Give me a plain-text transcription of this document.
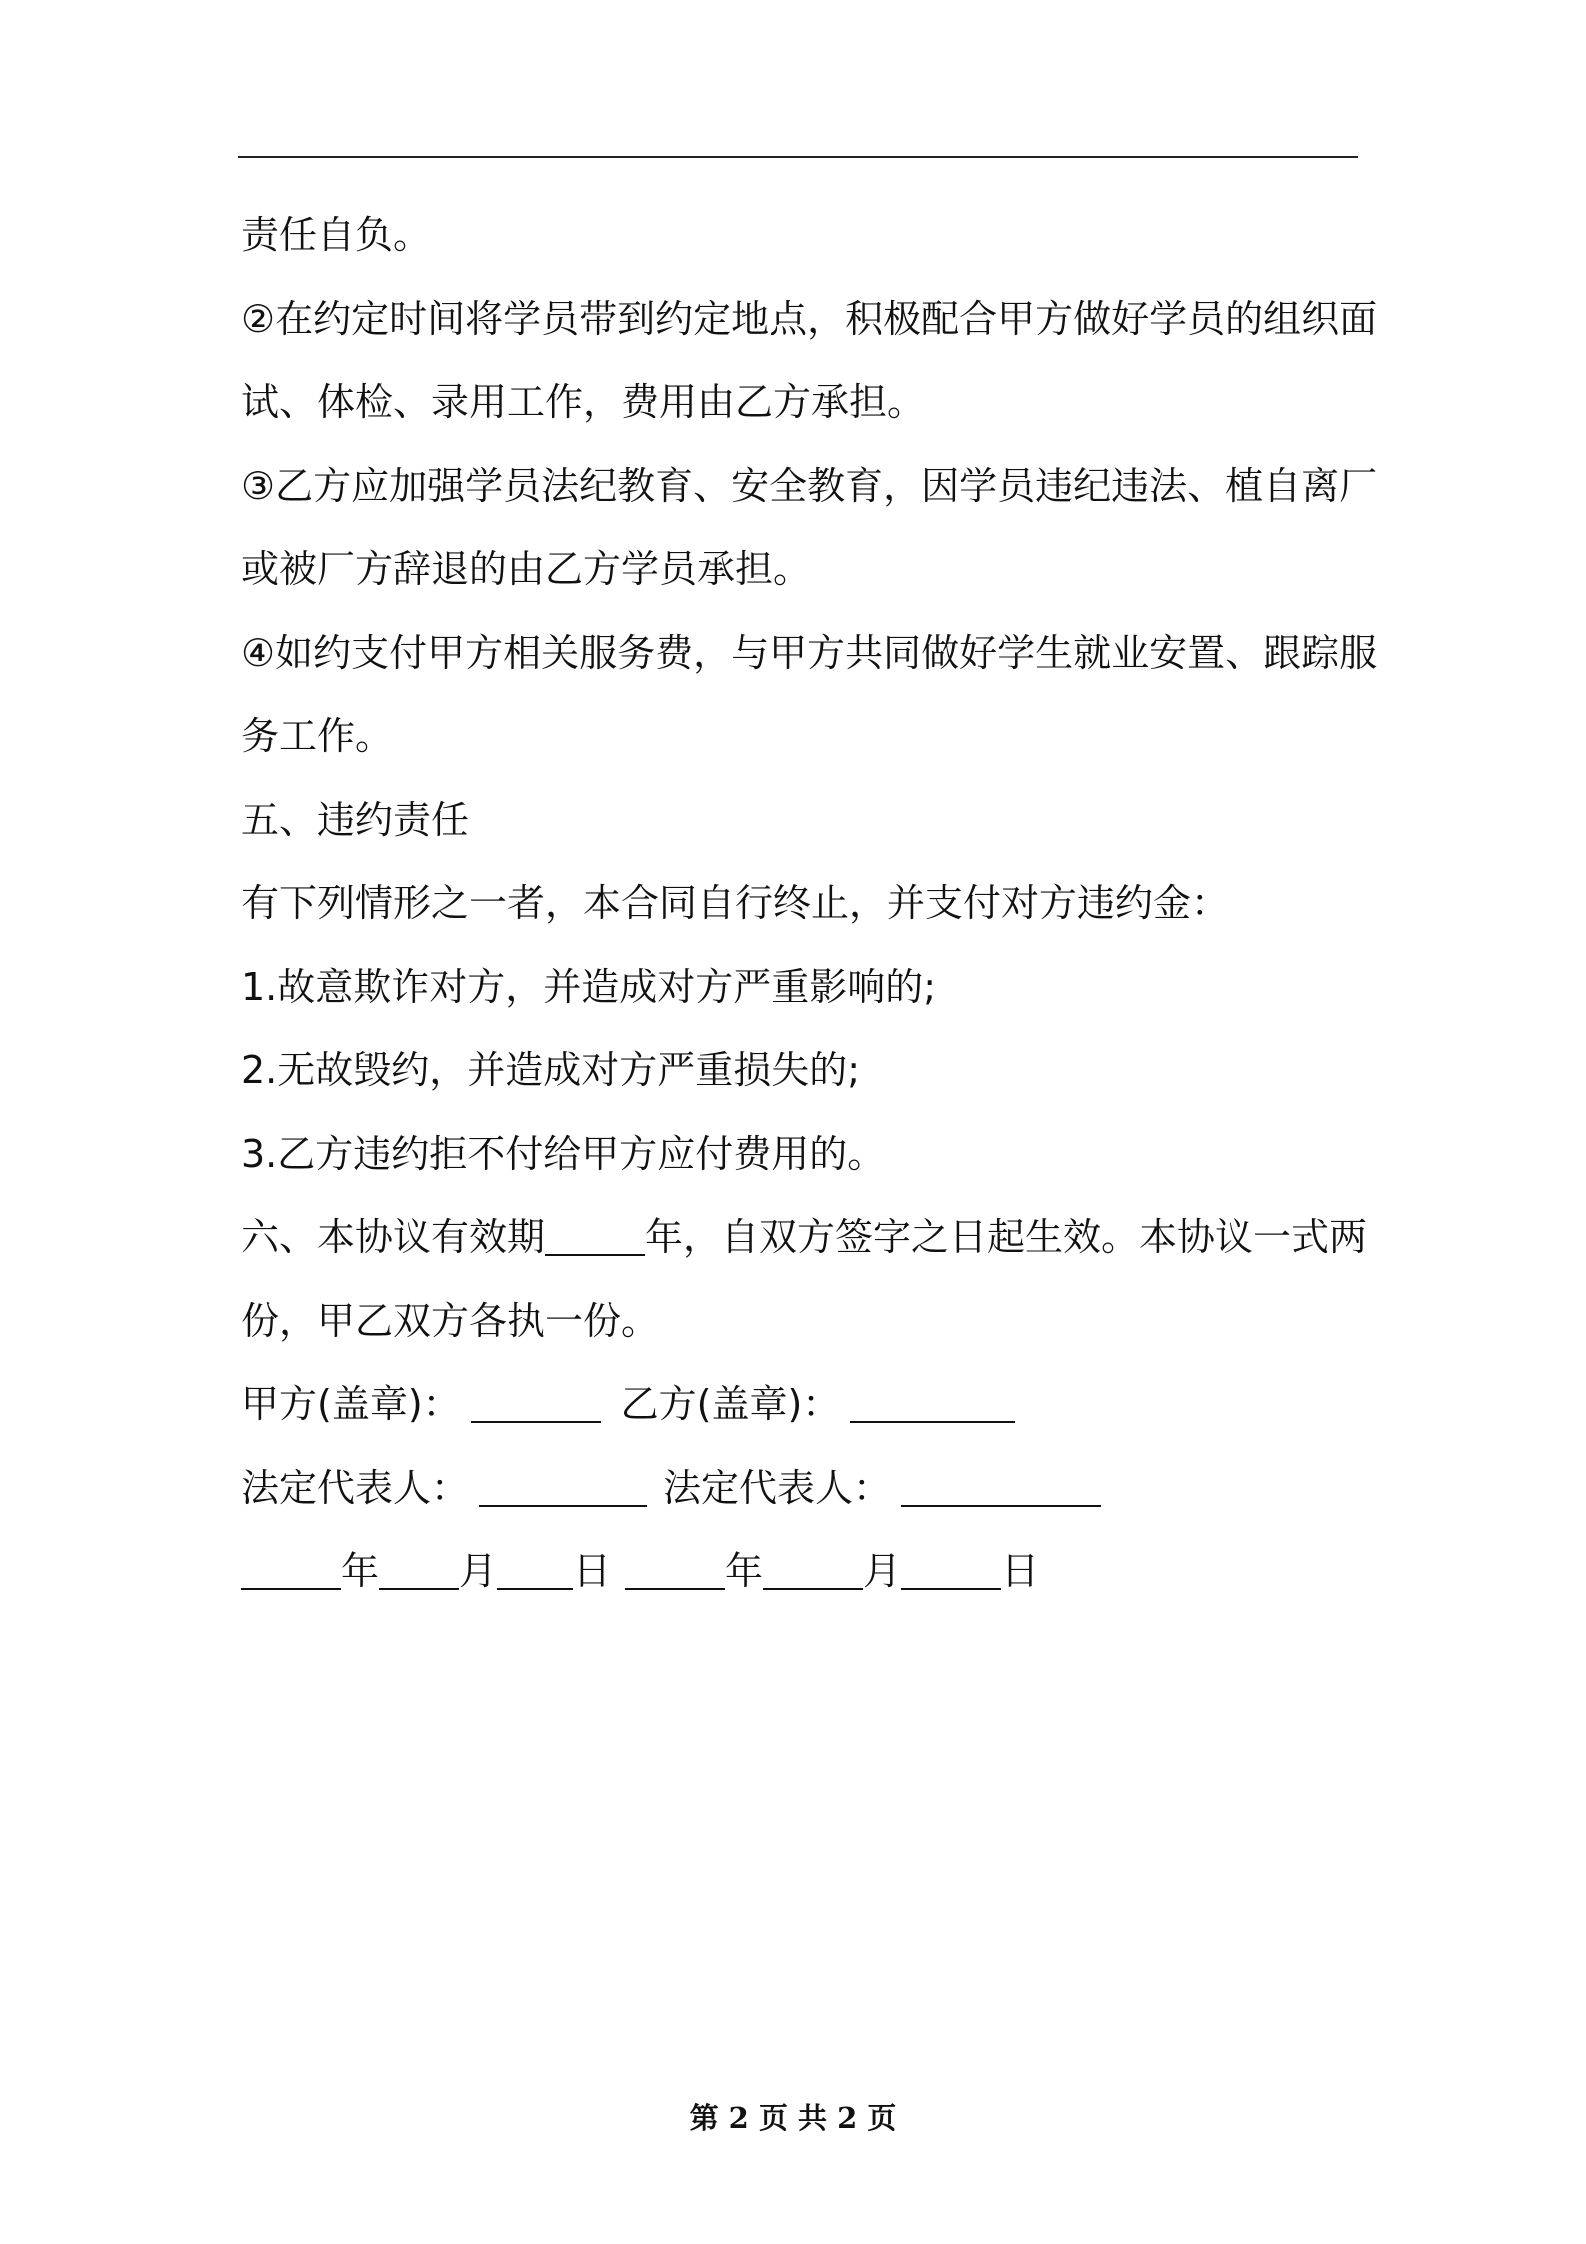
责任自负。
②在约定时间将学员带到约定地点，积极配合甲方做好学员的组织面
试、体检、录用工作，费用由乙方承担。
③乙方应加强学员法纪教育、安全教育，因学员违纪违法、植自离厂
或被厂方辞退的由乙方学员承担。
④如约支付甲方相关服务费，与甲方共同做好学生就业安置、跟踪服
务工作。
五、违约责任
有下列情形之一者，本合同自行终止，并支付对方违约金：
1.故意欺诈对方，并造成对方严重影响的;
2.无故毁约，并造成对方严重损失的;
3.乙方违约拒不付给甲方应付费用的。
六、本协议有效期	年，自双方签字之日起生效。本协议一式两
份，甲乙双方各执一份。
甲方(盖章)：	乙方(盖章)：
法定代表人：	法定代表人：
年 月 日	年	月	日
第 2 页 共 2 页
